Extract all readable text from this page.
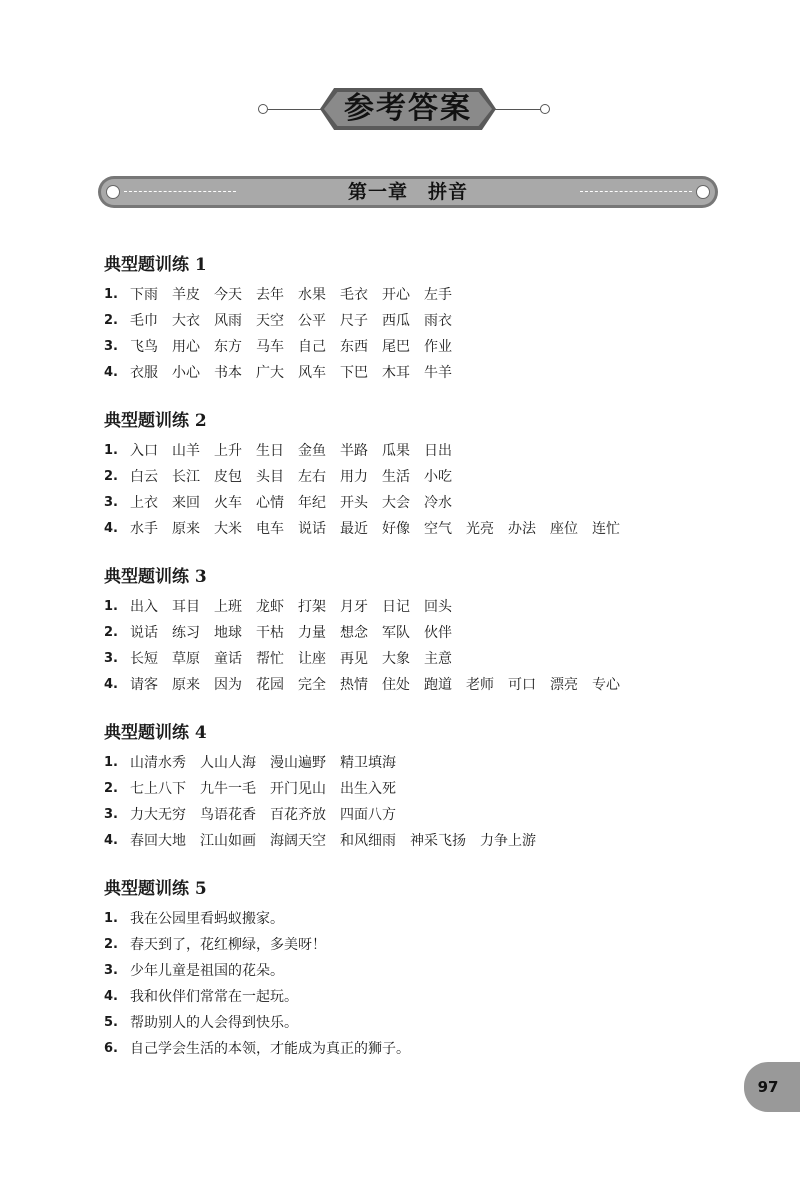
参考答案
第一章　拼音
典型题训练 1
1. 下雨 羊皮 今天 去年 水果 毛衣 开心 左手
2. 毛巾 大衣 风雨 天空 公平 尺子 西瓜 雨衣
3. 飞鸟 用心 东方 马车 自己 东西 尾巴 作业
4. 衣服 小心 书本 广大 风车 下巴 木耳 牛羊
典型题训练 2
1. 入口 山羊 上升 生日 金鱼 半路 瓜果 日出
2. 白云 长江 皮包 头目 左右 用力 生活 小吃
3. 上衣 来回 火车 心情 年纪 开头 大会 冷水
4. 水手 原来 大米 电车 说话 最近 好像 空气 光亮 办法 座位 连忙
典型题训练 3
1. 出入 耳目 上班 龙虾 打架 月牙 日记 回头
2. 说话 练习 地球 干枯 力量 想念 军队 伙伴
3. 长短 草原 童话 帮忙 让座 再见 大象 主意
4. 请客 原来 因为 花园 完全 热情 住处 跑道 老师 可口 漂亮 专心
典型题训练 4
1. 山清水秀 人山人海 漫山遍野 精卫填海
2. 七上八下 九牛一毛 开门见山 出生入死
3. 力大无穷 鸟语花香 百花齐放 四面八方
4. 春回大地 江山如画 海阔天空 和风细雨 神采飞扬 力争上游
典型题训练 5
1. 我在公园里看蚂蚁搬家。
2. 春天到了，花红柳绿，多美呀！
3. 少年儿童是祖国的花朵。
4. 我和伙伴们常常在一起玩。
5. 帮助别人的人会得到快乐。
6. 自己学会生活的本领，才能成为真正的狮子。
97
